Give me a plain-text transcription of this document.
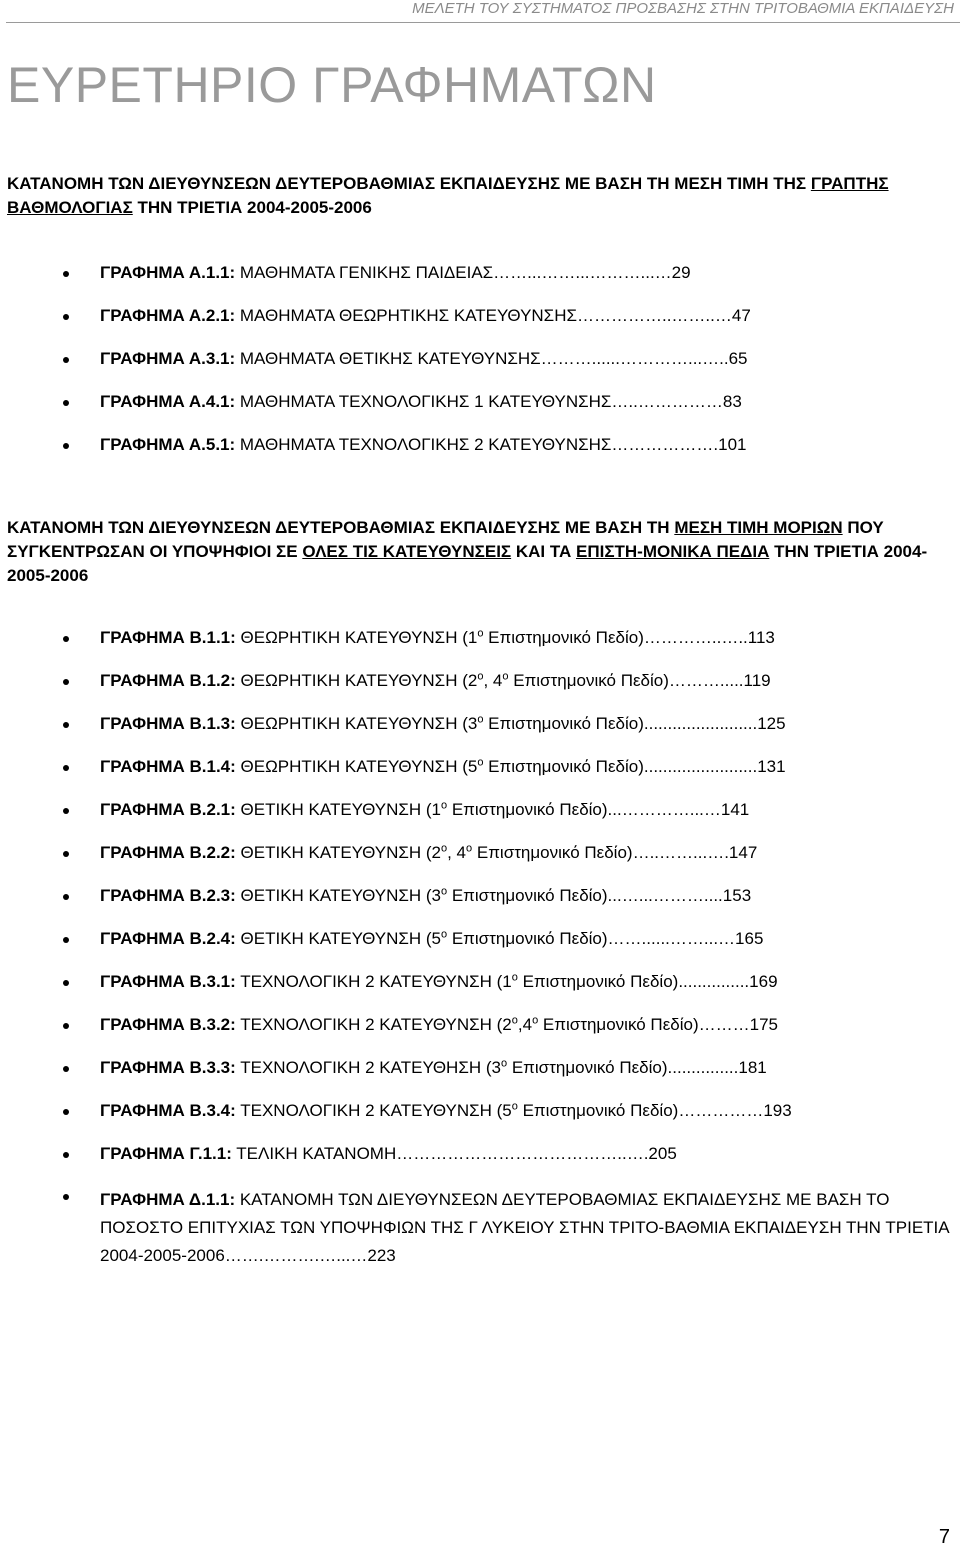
ΜΕΛΕΤΗ ΤΟΥ ΣΥΣΤΗΜΑΤΟΣ ΠΡΟΣΒΑΣΗΣ ΣΤΗΝ ΤΡΙΤΟΒΑΘΜΙΑ ΕΚΠΑΙΔΕΥΣΗ
ΕΥΡΕΤΗΡΙΟ ΓΡΑΦΗΜΑΤΩΝ
ΚΑΤΑΝΟΜΗ ΤΩΝ ΔΙΕΥΘΥΝΣΕΩΝ ΔΕΥΤΕΡΟΒΑΘΜΙΑΣ ΕΚΠΑΙΔΕΥΣΗΣ ΜΕ ΒΑΣΗ ΤΗ ΜΕΣΗ ΤΙΜΗ ΤΗΣ ΓΡΑΠΤΗΣ ΒΑΘΜΟΛΟΓΙΑΣ ΤΗΝ ΤΡΙΕΤΙΑ 2004-2005-2006
ΓΡΑΦΗΜΑ Α.1.1: ΜΑΘΗΜΑΤΑ ΓΕΝΙΚΗΣ ΠΑΙΔΕΙΑΣ……...……...………...…29
ΓΡΑΦΗΜΑ Α.2.1: ΜΑΘΗΜΑΤΑ ΘΕΩΡΗΤΙΚΗΣ ΚΑΤΕΥΘΥΝΣΗΣ……………..……..…47
ΓΡΑΦΗΜΑ Α.3.1: ΜΑΘΗΜΑΤΑ ΘΕΤΙΚΗΣ ΚΑΤΕΥΘΥΝΣΗΣ………......…………...…..65
ΓΡΑΦΗΜΑ Α.4.1: ΜΑΘΗΜΑΤΑ ΤΕΧΝΟΛΟΓΙΚΗΣ 1 ΚΑΤΕΥΘΥΝΣΗΣ…..……………83
ΓΡΑΦΗΜΑ Α.5.1: ΜΑΘΗΜΑΤΑ ΤΕΧΝΟΛΟΓΙΚΗΣ 2 ΚΑΤΕΥΘΥΝΣΗΣ……………….101
ΚΑΤΑΝΟΜΗ ΤΩΝ ΔΙΕΥΘΥΝΣΕΩΝ ΔΕΥΤΕΡΟΒΑΘΜΙΑΣ ΕΚΠΑΙΔΕΥΣΗΣ ΜΕ ΒΑΣΗ ΤΗ ΜΕΣΗ ΤΙΜΗ ΜΟΡΙΩΝ ΠΟΥ ΣΥΓΚΕΝΤΡΩΣΑΝ ΟΙ ΥΠΟΨΗΦΙΟΙ ΣΕ ΟΛΕΣ ΤΙΣ ΚΑΤΕΥΘΥΝΣΕΙΣ ΚΑΙ ΤΑ ΕΠΙΣΤΗ-ΜΟΝΙΚΑ ΠΕΔΙΑ ΤΗΝ ΤΡΙΕΤΙΑ 2004-2005-2006
ΓΡΑΦΗΜΑ Β.1.1: ΘΕΩΡΗΤΙΚΗ ΚΑΤΕΥΘΥΝΣΗ ($1^o$ Επιστημονικό Πεδίο)…………..…..113
ΓΡΑΦΗΜΑ Β.1.2: ΘΕΩΡΗΤΙΚΗ ΚΑΤΕΥΘΥΝΣΗ ($2^o$, $4^o$ Επιστημονικό Πεδίο)……….....119
ΓΡΑΦΗΜΑ Β.1.3: ΘΕΩΡΗΤΙΚΗ ΚΑΤΕΥΘΥΝΣΗ ($3^o$ Επιστημονικό Πεδίο)........................125
ΓΡΑΦΗΜΑ Β.1.4: ΘΕΩΡΗΤΙΚΗ ΚΑΤΕΥΘΥΝΣΗ ($5^o$ Επιστημονικό Πεδίο)........................131
ΓΡΑΦΗΜΑ Β.2.1: ΘΕΤΙΚΗ ΚΑΤΕΥΘΥΝΣΗ ($1^o$ Επιστημονικό Πεδίο)...…………...…141
ΓΡΑΦΗΜΑ Β.2.2: ΘΕΤΙΚΗ ΚΑΤΕΥΘΥΝΣΗ ($2^o$, $4^o$ Επιστημονικό Πεδίο)…..……...….147
ΓΡΑΦΗΜΑ Β.2.3: ΘΕΤΙΚΗ ΚΑΤΕΥΘΥΝΣΗ ($3^o$ Επιστημονικό Πεδίο)...…...………....153
ΓΡΑΦΗΜΑ Β.2.4: ΘΕΤΙΚΗ ΚΑΤΕΥΘΥΝΣΗ ($5^o$ Επιστημονικό Πεδίο)……......……...…165
ΓΡΑΦΗΜΑ Β.3.1: ΤΕΧΝΟΛΟΓΙΚΗ 2 ΚΑΤΕΥΘΥΝΣΗ ($1^o$ Επιστημονικό Πεδίο)...............169
ΓΡΑΦΗΜΑ Β.3.2: ΤΕΧΝΟΛΟΓΙΚΗ 2 ΚΑΤΕΥΘΥΝΣΗ ($2^o,4^o$ Επιστημονικό Πεδίο)………175
ΓΡΑΦΗΜΑ Β.3.3: ΤΕΧΝΟΛΟΓΙΚΗ 2 ΚΑΤΕΥΘΗΣΗ ($3^o$ Επιστημονικό Πεδίο)...............181
ΓΡΑΦΗΜΑ Β.3.4: ΤΕΧΝΟΛΟΓΙΚΗ 2 ΚΑΤΕΥΘΥΝΣΗ ($5^o$ Επιστημονικό Πεδίο)……………193
ΓΡΑΦΗΜΑ Γ.1.1: ΤΕΛΙΚΗ ΚΑΤΑΝΟΜΗ…………………………………..….205
ΓΡΑΦΗΜΑ Δ.1.1: ΚΑΤΑΝΟΜΗ ΤΩΝ ΔΙΕΥΘΥΝΣΕΩΝ ΔΕΥΤΕΡΟΒΑΘΜΙΑΣ ΕΚΠΑΙΔΕΥΣΗΣ ΜΕ ΒΑΣΗ ΤΟ ΠΟΣΟΣΤΟ ΕΠΙΤΥΧΙΑΣ ΤΩΝ ΥΠΟΨΗΦΙΩΝ ΤΗΣ Γ ΛΥΚΕΙΟΥ ΣΤΗΝ ΤΡΙΤΟ-ΒΑΘΜΙΑ ΕΚΠΑΙΔΕΥΣΗ ΤΗΝ ΤΡΙΕΤΙΑ 2004-2005-2006…….……….…...…223
7
